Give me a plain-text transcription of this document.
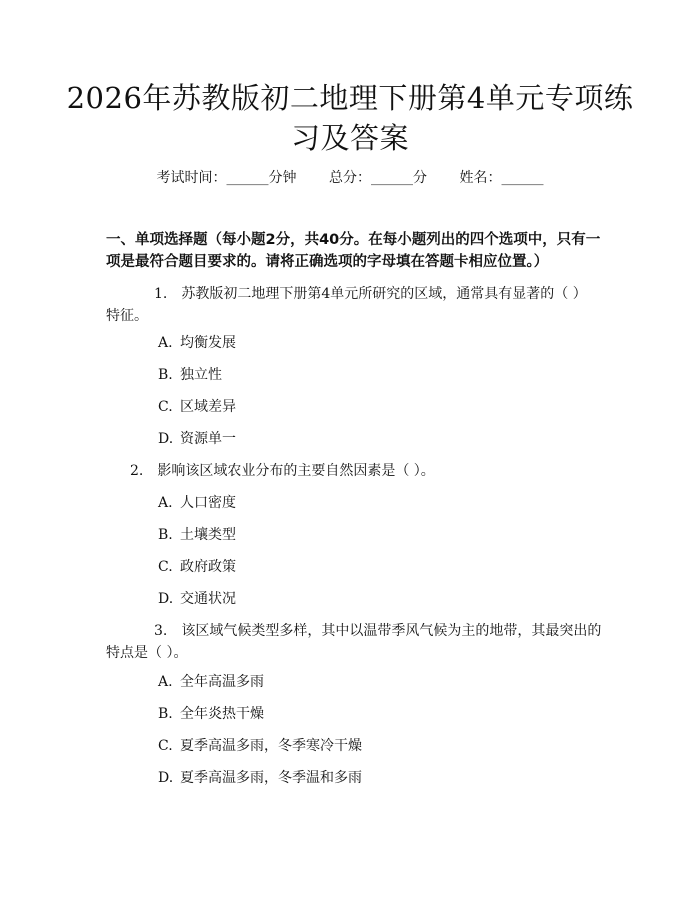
2026年苏教版初二地理下册第4单元专项练习及答案
考试时间：______分钟 总分：______分 姓名：______
一、单项选择题（每小题2分，共40分。在每小题列出的四个选项中，只有一项是最符合题目要求的。请将正确选项的字母填在答题卡相应位置。）
1. 苏教版初二地理下册第4单元所研究的区域，通常具有显著的（ ）特征。
A. 均衡发展
B. 独立性
C. 区域差异
D. 资源单一
2. 影响该区域农业分布的主要自然因素是（ ）。
A. 人口密度
B. 土壤类型
C. 政府政策
D. 交通状况
3. 该区域气候类型多样，其中以温带季风气候为主的地带，其最突出的特点是（ ）。
A. 全年高温多雨
B. 全年炎热干燥
C. 夏季高温多雨，冬季寒冷干燥
D. 夏季高温多雨，冬季温和多雨
